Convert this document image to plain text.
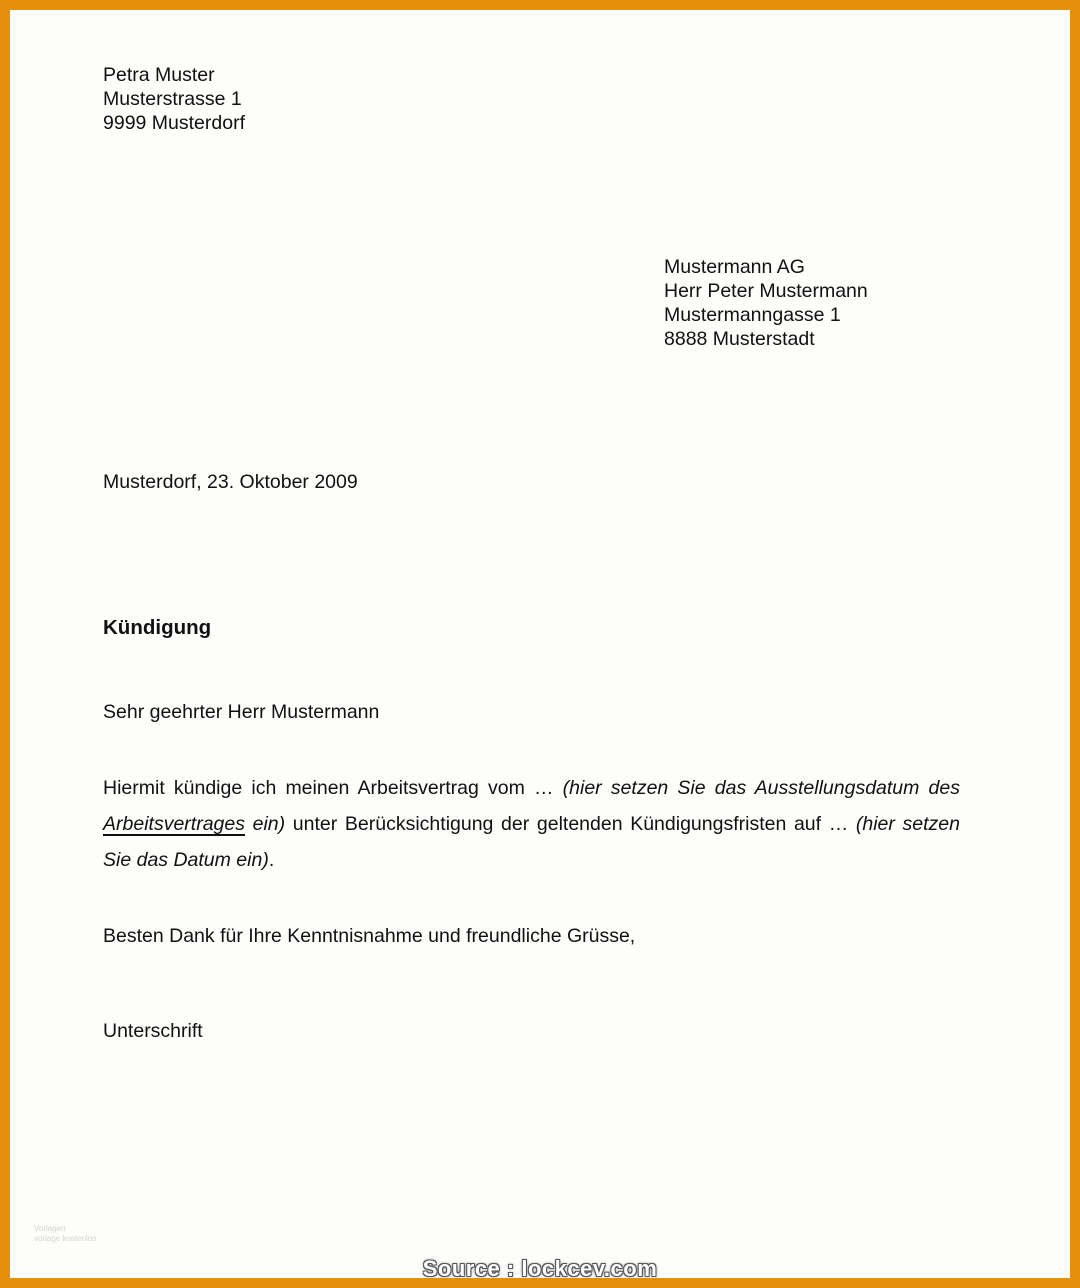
Petra Muster
Musterstrasse 1
9999 Musterdorf
Mustermann AG
Herr Peter Mustermann
Mustermanngasse 1
8888 Musterstadt
Musterdorf, 23. Oktober 2009
Kündigung
Sehr geehrter Herr Mustermann
Hiermit kündige ich meinen Arbeitsvertrag vom … (hier setzen Sie das Ausstellungsdatum des Arbeitsvertrages ein) unter Berücksichtigung der geltenden Kündigungsfristen auf … (hier setzen Sie das Datum ein).
Besten Dank für Ihre Kenntnisnahme und freundliche Grüsse,
Unterschrift
Vorlagen
vorlage kostenlos
Source : lockcev.com
